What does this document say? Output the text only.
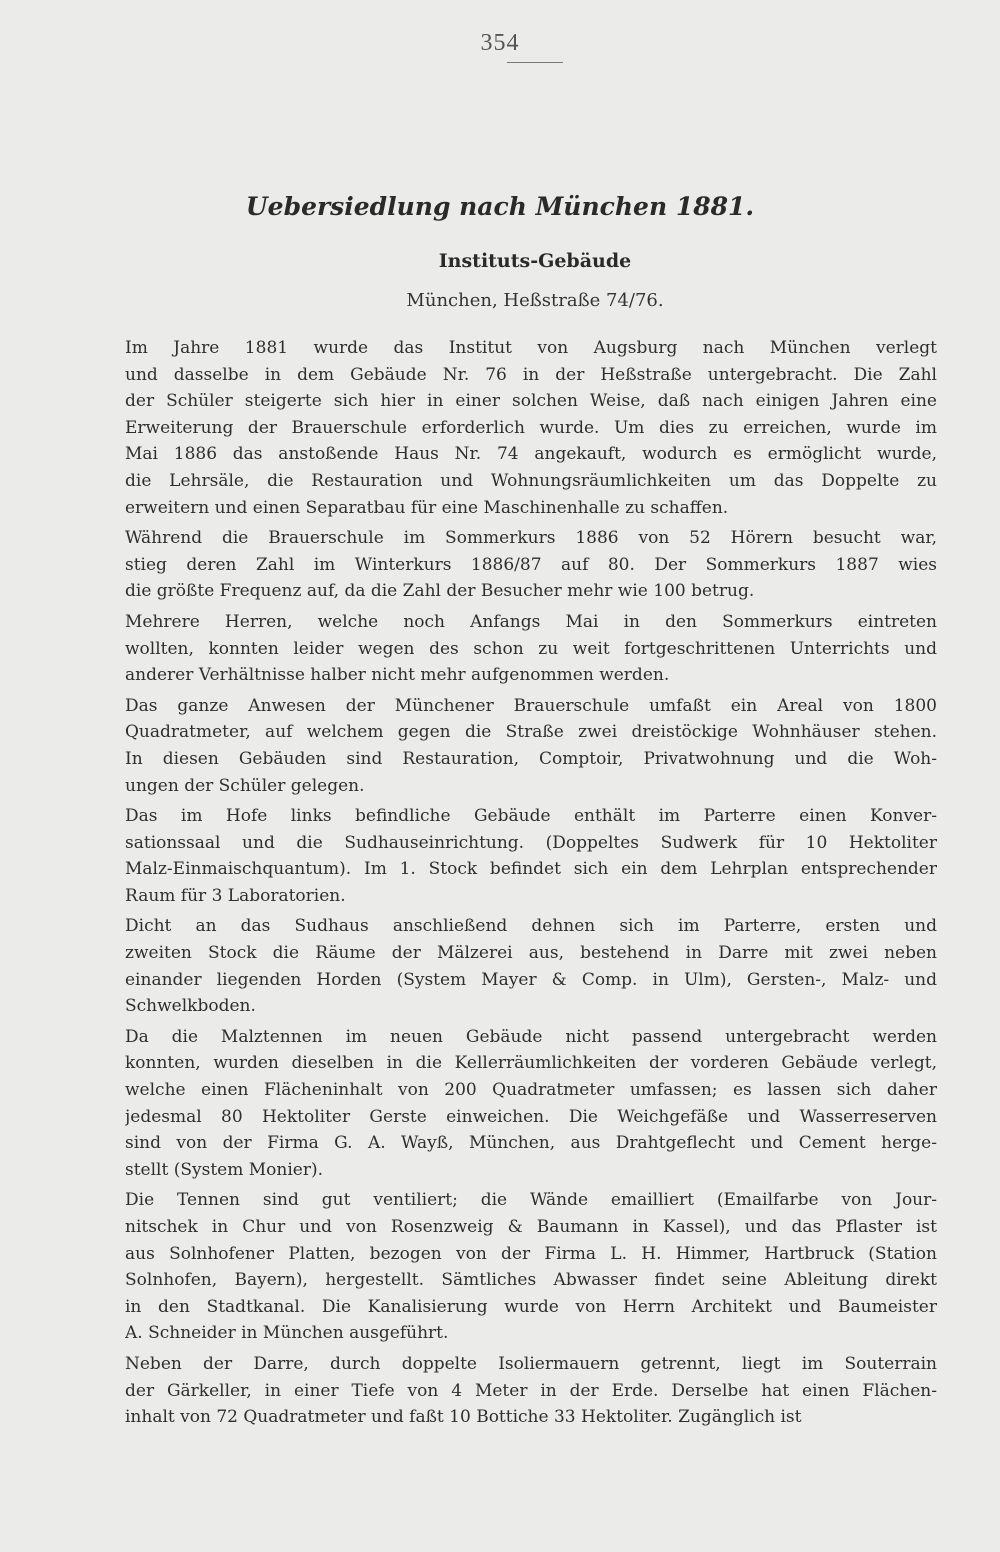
354
Uebersiedlung nach München 1881.
Instituts-Gebäude
München, Heßstraße 74/76.
Im Jahre 1881 wurde das Institut von Augsburg nach München verlegt
und dasselbe in dem Gebäude Nr. 76 in der Heßstraße untergebracht. Die Zahl
der Schüler steigerte sich hier in einer solchen Weise, daß nach einigen Jahren eine
Erweiterung der Brauerschule erforderlich wurde. Um dies zu erreichen, wurde im
Mai 1886 das anstoßende Haus Nr. 74 angekauft, wodurch es ermöglicht wurde,
die Lehrsäle, die Restauration und Wohnungsräumlichkeiten um das Doppelte zu
erweitern und einen Separatbau für eine Maschinenhalle zu schaffen.
Während die Brauerschule im Sommerkurs 1886 von 52 Hörern besucht war,
stieg deren Zahl im Winterkurs 1886/87 auf 80. Der Sommerkurs 1887 wies
die größte Frequenz auf, da die Zahl der Besucher mehr wie 100 betrug.
Mehrere Herren, welche noch Anfangs Mai in den Sommerkurs eintreten
wollten, konnten leider wegen des schon zu weit fortgeschrittenen Unterrichts und
anderer Verhältnisse halber nicht mehr aufgenommen werden.
Das ganze Anwesen der Münchener Brauerschule umfaßt ein Areal von 1800
Quadratmeter, auf welchem gegen die Straße zwei dreistöckige Wohnhäuser stehen.
In diesen Gebäuden sind Restauration, Comptoir, Privatwohnung und die Woh-
ungen der Schüler gelegen.
Das im Hofe links befindliche Gebäude enthält im Parterre einen Konver-
sationssaal und die Sudhauseinrichtung. (Doppeltes Sudwerk für 10 Hektoliter
Malz-Einmaischquantum). Im 1. Stock befindet sich ein dem Lehrplan entsprechender
Raum für 3 Laboratorien.
Dicht an das Sudhaus anschließend dehnen sich im Parterre, ersten und
zweiten Stock die Räume der Mälzerei aus, bestehend in Darre mit zwei neben
einander liegenden Horden (System Mayer & Comp. in Ulm), Gersten-, Malz- und
Schwelkboden.
Da die Malztennen im neuen Gebäude nicht passend untergebracht werden
konnten, wurden dieselben in die Kellerräumlichkeiten der vorderen Gebäude verlegt,
welche einen Flächeninhalt von 200 Quadratmeter umfassen; es lassen sich daher
jedesmal 80 Hektoliter Gerste einweichen. Die Weichgefäße und Wasserreserven
sind von der Firma G. A. Wayß, München, aus Drahtgeflecht und Cement herge-
stellt (System Monier).
Die Tennen sind gut ventiliert; die Wände emailliert (Emailfarbe von Jour-
nitschek in Chur und von Rosenzweig & Baumann in Kassel), und das Pflaster ist
aus Solnhofener Platten, bezogen von der Firma L. H. Himmer, Hartbruck (Station
Solnhofen, Bayern), hergestellt. Sämtliches Abwasser findet seine Ableitung direkt
in den Stadtkanal. Die Kanalisierung wurde von Herrn Architekt und Baumeister
A. Schneider in München ausgeführt.
Neben der Darre, durch doppelte Isoliermauern getrennt, liegt im Souterrain
der Gärkeller, in einer Tiefe von 4 Meter in der Erde. Derselbe hat einen Flächen-
inhalt von 72 Quadratmeter und faßt 10 Bottiche 33 Hektoliter. Zugänglich ist
